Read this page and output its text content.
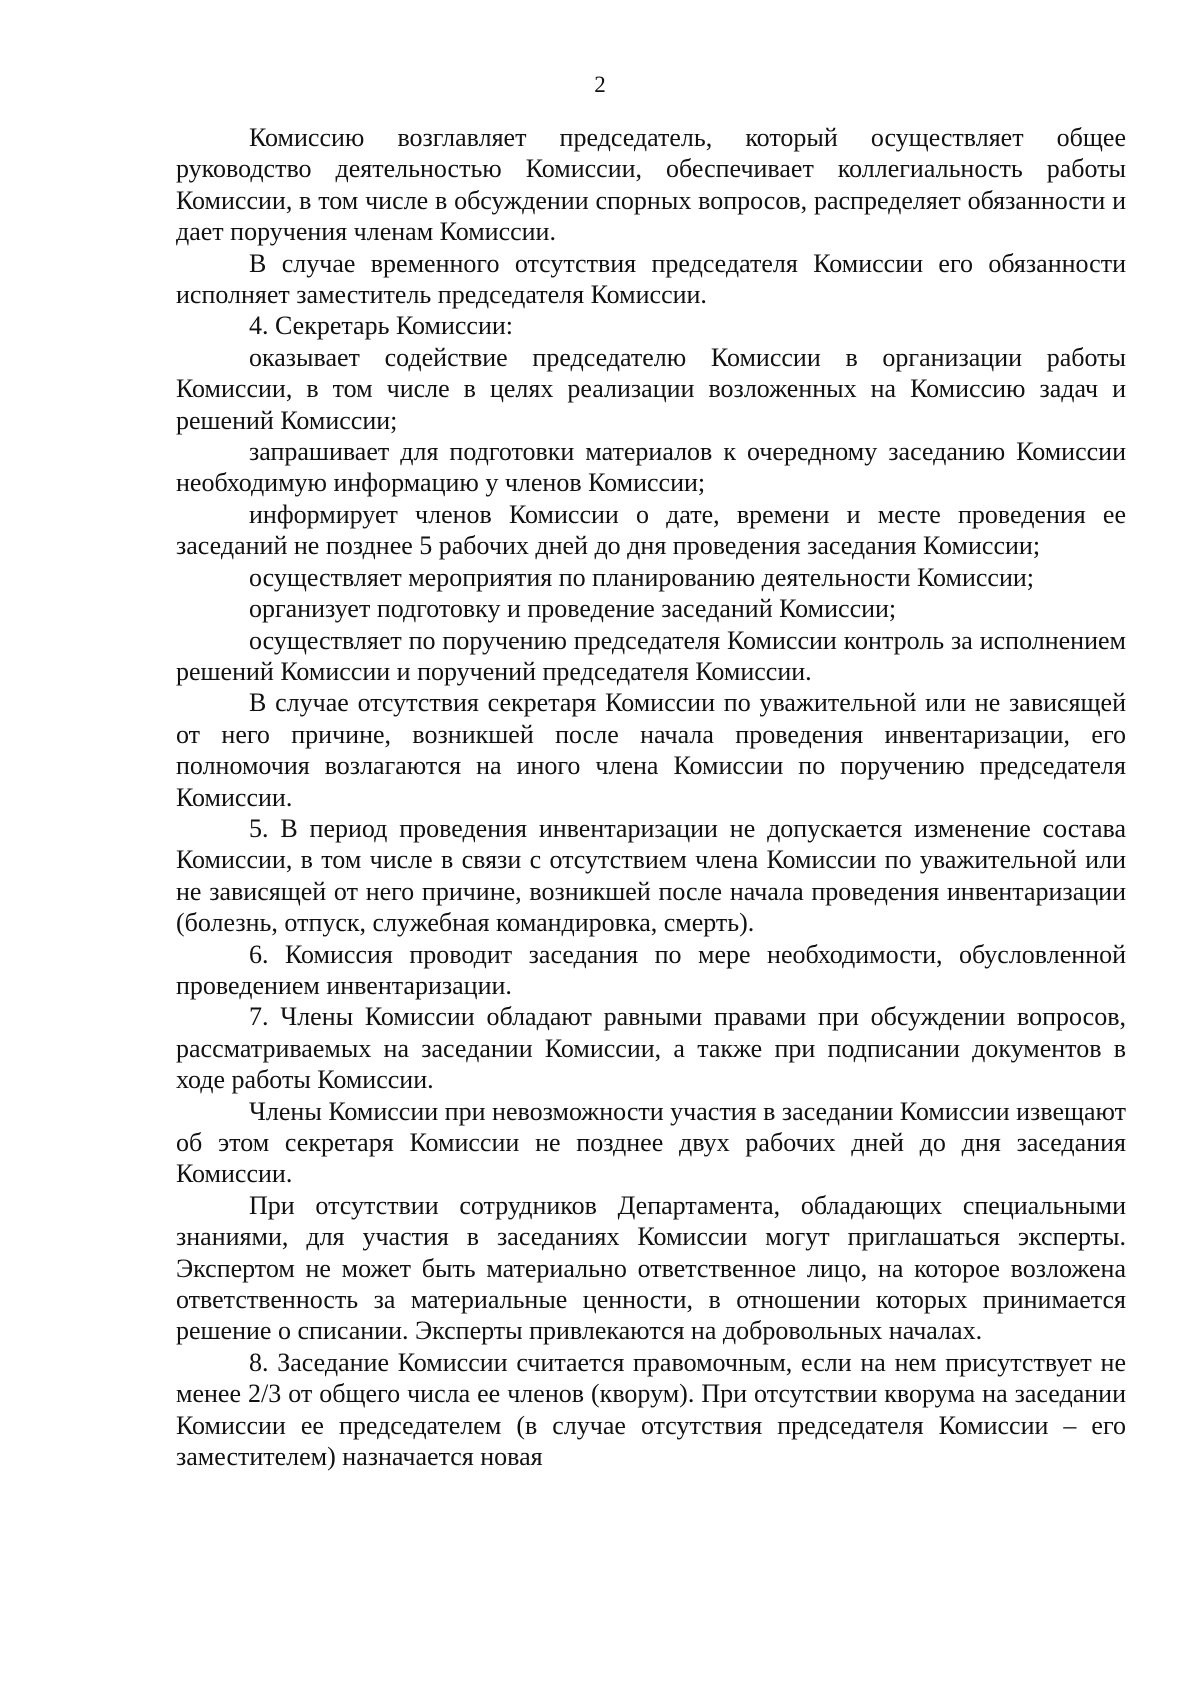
2

Комиссию возглавляет председатель, который осуществляет общее руководство деятельностью Комиссии, обеспечивает коллегиальность работы Комиссии, в том числе в обсуждении спорных вопросов, распределяет обязанности и дает поручения членам Комиссии.

В случае временного отсутствия председателя Комиссии его обязанности исполняет заместитель председателя Комиссии.

4. Секретарь Комиссии:

оказывает содействие председателю Комиссии в организации работы Комиссии, в том числе в целях реализации возложенных на Комиссию задач и решений Комиссии;

запрашивает для подготовки материалов к очередному заседанию Комиссии необходимую информацию у членов Комиссии;

информирует членов Комиссии о дате, времени и месте проведения ее заседаний не позднее 5 рабочих дней до дня проведения заседания Комиссии;

осуществляет мероприятия по планированию деятельности Комиссии;

организует подготовку и проведение заседаний Комиссии;

осуществляет по поручению председателя Комиссии контроль за исполнением решений Комиссии и поручений председателя Комиссии.

В случае отсутствия секретаря Комиссии по уважительной или не зависящей от него причине, возникшей после начала проведения инвентаризации, его полномочия возлагаются на иного члена Комиссии по поручению председателя Комиссии.

5. В период проведения инвентаризации не допускается изменение состава Комиссии, в том числе в связи с отсутствием члена Комиссии по уважительной или не зависящей от него причине, возникшей после начала проведения инвентаризации (болезнь, отпуск, служебная командировка, смерть).

6. Комиссия проводит заседания по мере необходимости, обусловленной проведением инвентаризации.

7. Члены Комиссии обладают равными правами при обсуждении вопросов, рассматриваемых на заседании Комиссии, а также при подписании документов в ходе работы Комиссии.

Члены Комиссии при невозможности участия в заседании Комиссии извещают об этом секретаря Комиссии не позднее двух рабочих дней до дня заседания Комиссии.

При отсутствии сотрудников Департамента, обладающих специальными знаниями, для участия в заседаниях Комиссии могут приглашаться эксперты. Экспертом не может быть материально ответственное лицо, на которое возложена ответственность за материальные ценности, в отношении которых принимается решение о списании. Эксперты привлекаются на добровольных началах.

8. Заседание Комиссии считается правомочным, если на нем присутствует не менее 2/3 от общего числа ее членов (кворум). При отсутствии кворума на заседании Комиссии ее председателем (в случае отсутствия председателя Комиссии – его заместителем) назначается новая
